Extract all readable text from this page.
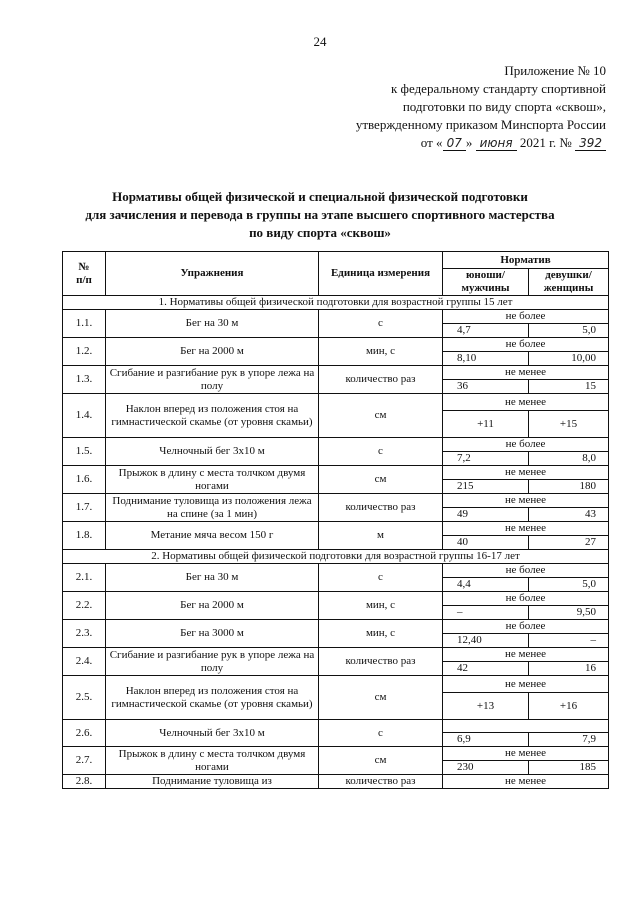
24
Приложение № 10
к федеральному стандарту спортивной
подготовки по виду спорта «сквош»,
утвержденному приказом Минспорта России
от « 07 » июня 2021 г. № 392
Нормативы общей физической и специальной физической подготовки
для зачисления и перевода в группы на этапе высшего спортивного мастерства
по виду спорта «сквош»
№
п/п	Упражнения	Единица измерения	Норматив	
			юноши/
мужчины	девушки/
женщины
1. Нормативы общей физической подготовки для возрастной группы 15 лет				
1.1.	Бег на 30 м	с	не более	
			4,7	5,0
1.2.	Бег на 2000 м	мин, с	не более	
			8,10	10,00
1.3.	Сгибание и разгибание рук в упоре лежа на полу	количество раз	не менее	
			36	15
1.4.	Наклон вперед из положения стоя на гимнастической скамье (от уровня скамьи)	см	не менее	
			+11	+15
1.5.	Челночный бег 3x10 м	с	не более	
			7,2	8,0
1.6.	Прыжок в длину с места толчком двумя ногами	см	не менее	
			215	180
1.7.	Поднимание туловища из положения лежа на спине (за 1 мин)	количество раз	не менее	
			49	43
1.8.	Метание мяча весом 150 г	м	не менее	
			40	27
2. Нормативы общей физической подготовки для возрастной группы 16-17 лет				
2.1.	Бег на 30 м	с	не более	
			4,4	5,0
2.2.	Бег на 2000 м	мин, с	не более	
			–	9,50
2.3.	Бег на 3000 м	мин, с	не более	
			12,40	–
2.4.	Сгибание и разгибание рук в упоре лежа на полу	количество раз	не менее	
			42	16
2.5.	Наклон вперед из положения стоя на гимнастической скамье (от уровня скамьи)	см	не менее	
			+13	+16
2.6.	Челночный бег 3x10 м	с		
			6,9	7,9
2.7.	Прыжок в длину с места толчком двумя ногами	см	не менее	
			230	185
2.8.	Поднимание туловища из	количество раз	не менее	
